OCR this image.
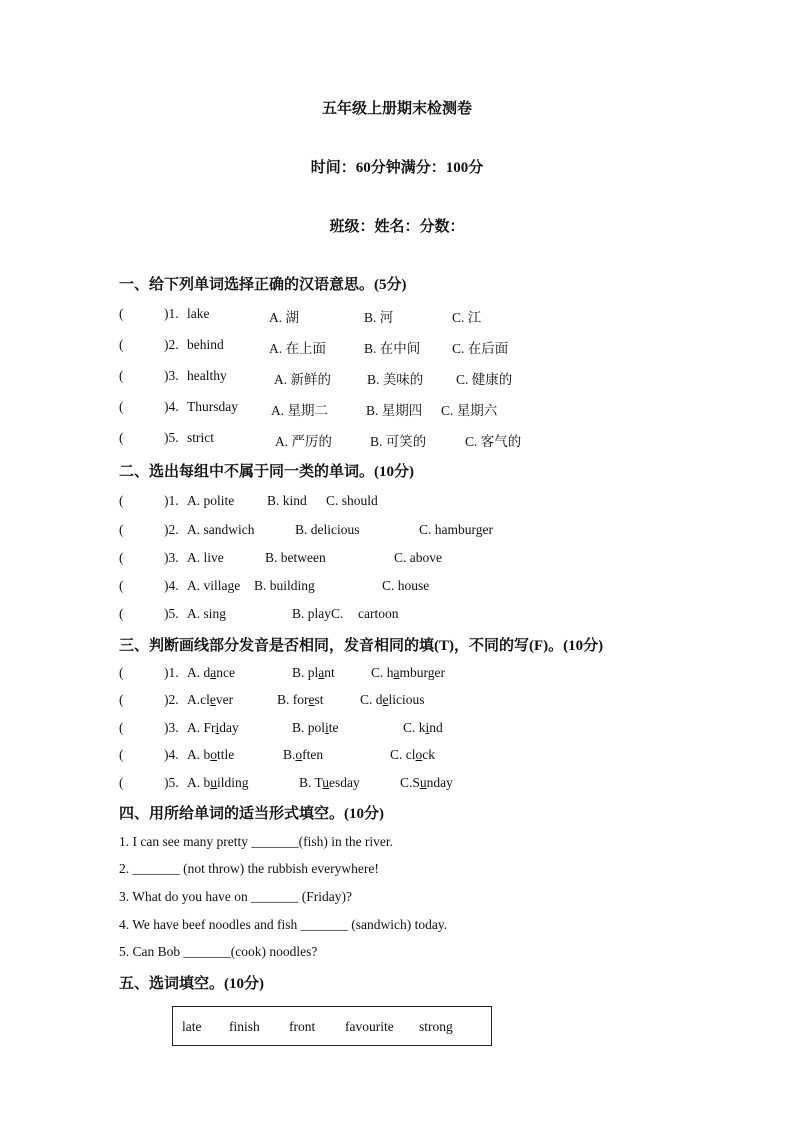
五年级上册期末检测卷
时间：60分钟满分：100分
班级：姓名：分数：
一、给下列单词选择正确的汉语意思。(5分)
(	)1. lake	A. 湖	B. 河	C. 江
(	)2. behind	A. 在上面	B. 在中间 C. 在后面
(	)3. healthy	A. 新鲜的	B. 美味的 C. 健康的
(	)4. Thursday A. 星期二	B. 星期四 C. 星期六
(	)5. strict	A. 严厉的	B. 可笑的	C. 客气的
二、选出每组中不属于同一类的单词。(10分)
(	)1. A. polite B. kind C. should
(	)2. A. sandwich	B. delicious	C. hamburger
(	)3. A. live	B. between	C. above
(	)4. A. village B. building	C. house
(	)5. A. sing	B. playC. cartoon
三、判断画线部分发音是否相同，发音相同的填(T)，不同的写(F)。(10分)
(	)1. A. dance	B. plant	C. hamburger
(	)2. A.clever	B. forest	C. delicious
(	)3. A. Friday	B. polite	C. kind
(	)4. A. bottle	B.often	C. clock
(	)5. A. building	B. Tuesday	C.Sunday
四、用所给单词的适当形式填空。(10分)
1. I can see many pretty _______(fish) in the river.
2. _______ (not throw) the rubbish everywhere!
3. What do you have on _______ (Friday)?
4. We have beef noodles and fish _______ (sandwich) today.
5. Can Bob _______(cook) noodles?
五、选词填空。(10分)
late finish front favourite strong
